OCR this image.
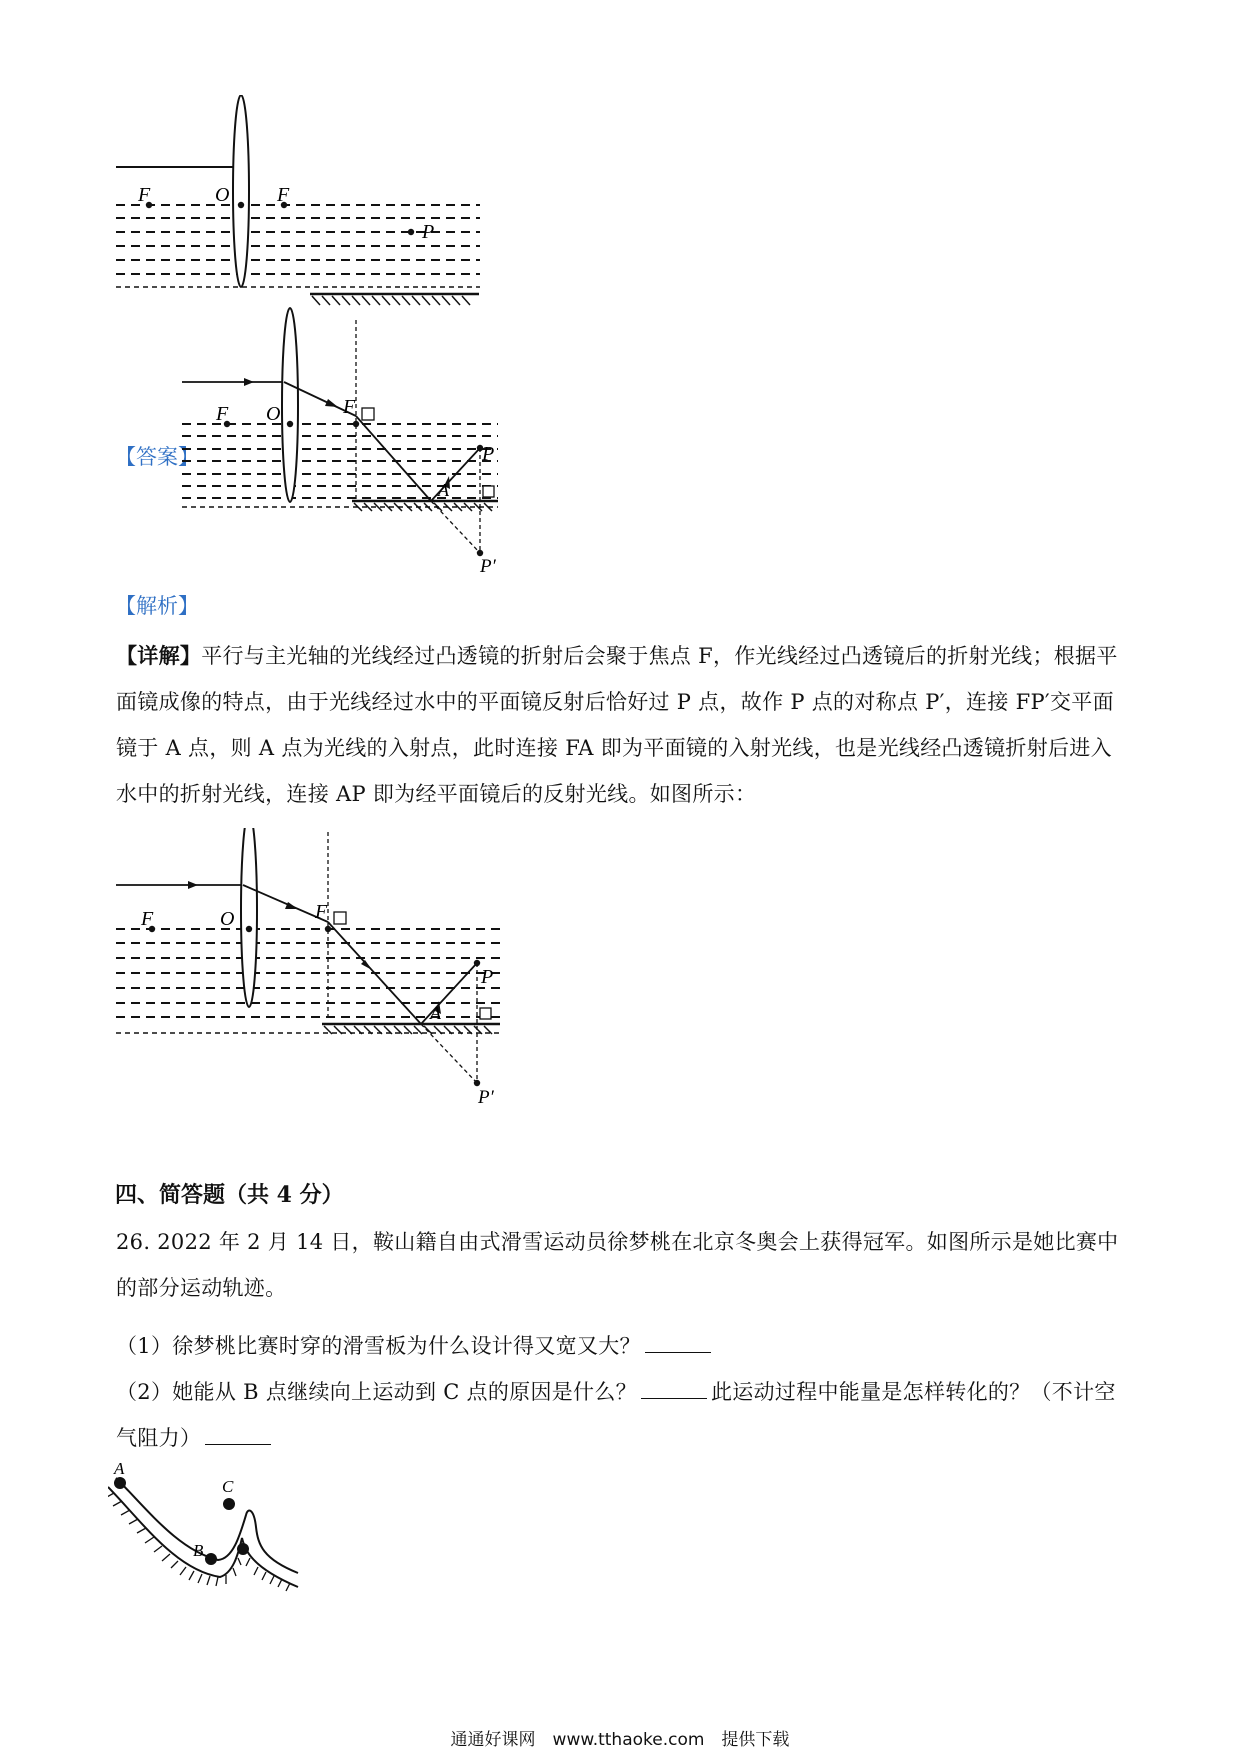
F	O F
P
【答案】
F O	F
P
A
P′
【解析】
【详解】平行与主光轴的光线经过凸透镜的折射后会聚于焦点 F，作光线经过凸透镜后的折射光线；根据平面镜成像的特点，由于光线经过水中的平面镜反射后恰好过 P 点，故作 P 点的对称点 P′，连接 FP′交平面镜于 A 点，则 A 点为光线的入射点，此时连接 FA 即为平面镜的入射光线，也是光线经凸透镜折射后进入水中的折射光线，连接 AP 即为经平面镜后的反射光线。如图所示：
F	O	F
P
A
P′
四、简答题（共 4 分）
26. 2022 年 2 月 14 日，鞍山籍自由式滑雪运动员徐梦桃在北京冬奥会上获得冠军。如图所示是她比赛中的部分运动轨迹。
（1）徐梦桃比赛时穿的滑雪板为什么设计得又宽又大？
（2）她能从 B 点继续向上运动到 C 点的原因是什么？	此运动过程中能量是怎样转化的？（不计空气阻力）
A
B
C
通通好课网　www.tthaoke.com　提供下载
